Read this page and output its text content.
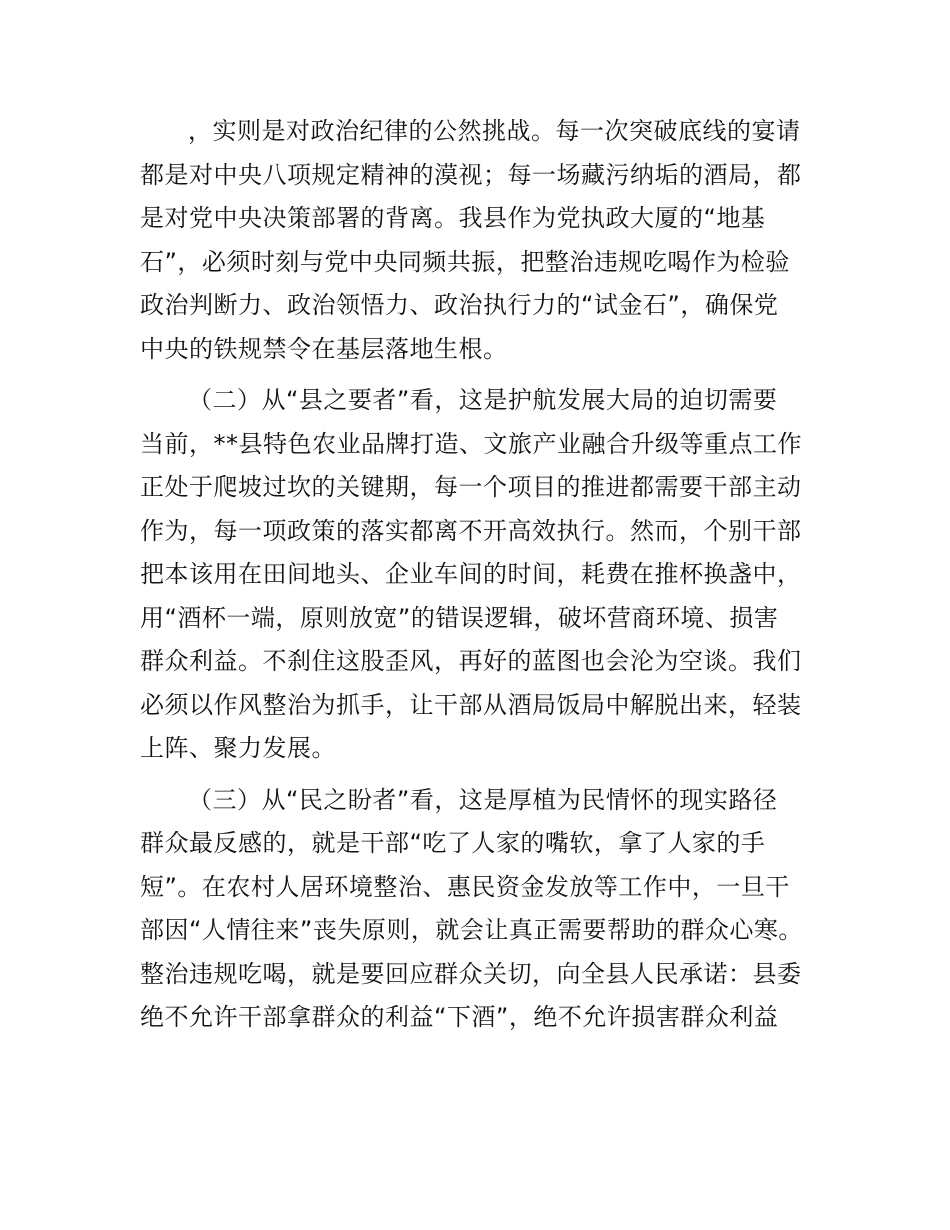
，实则是对政治纪律的公然挑战。每一次突破底线的宴请
都是对中央八项规定精神的漠视；每一场藏污纳垢的酒局，都
是对党中央决策部署的背离。我县作为党执政大厦的“地基
石”，必须时刻与党中央同频共振，把整治违规吃喝作为检验
政治判断力、政治领悟力、政治执行力的“试金石”，确保党
中央的铁规禁令在基层落地生根。
（二）从“县之要者”看，这是护航发展大局的迫切需要
当前，**县特色农业品牌打造、文旅产业融合升级等重点工作
正处于爬坡过坎的关键期，每一个项目的推进都需要干部主动
作为，每一项政策的落实都离不开高效执行。然而，个别干部
把本该用在田间地头、企业车间的时间，耗费在推杯换盏中，
用“酒杯一端，原则放宽”的错误逻辑，破坏营商环境、损害
群众利益。不刹住这股歪风，再好的蓝图也会沦为空谈。我们
必须以作风整治为抓手，让干部从酒局饭局中解脱出来，轻装
上阵、聚力发展。
（三）从“民之盼者”看，这是厚植为民情怀的现实路径
群众最反感的，就是干部“吃了人家的嘴软，拿了人家的手
短”。在农村人居环境整治、惠民资金发放等工作中，一旦干
部因“人情往来”丧失原则，就会让真正需要帮助的群众心寒。
整治违规吃喝，就是要回应群众关切，向全县人民承诺：县委
绝不允许干部拿群众的利益“下酒”，绝不允许损害群众利益
